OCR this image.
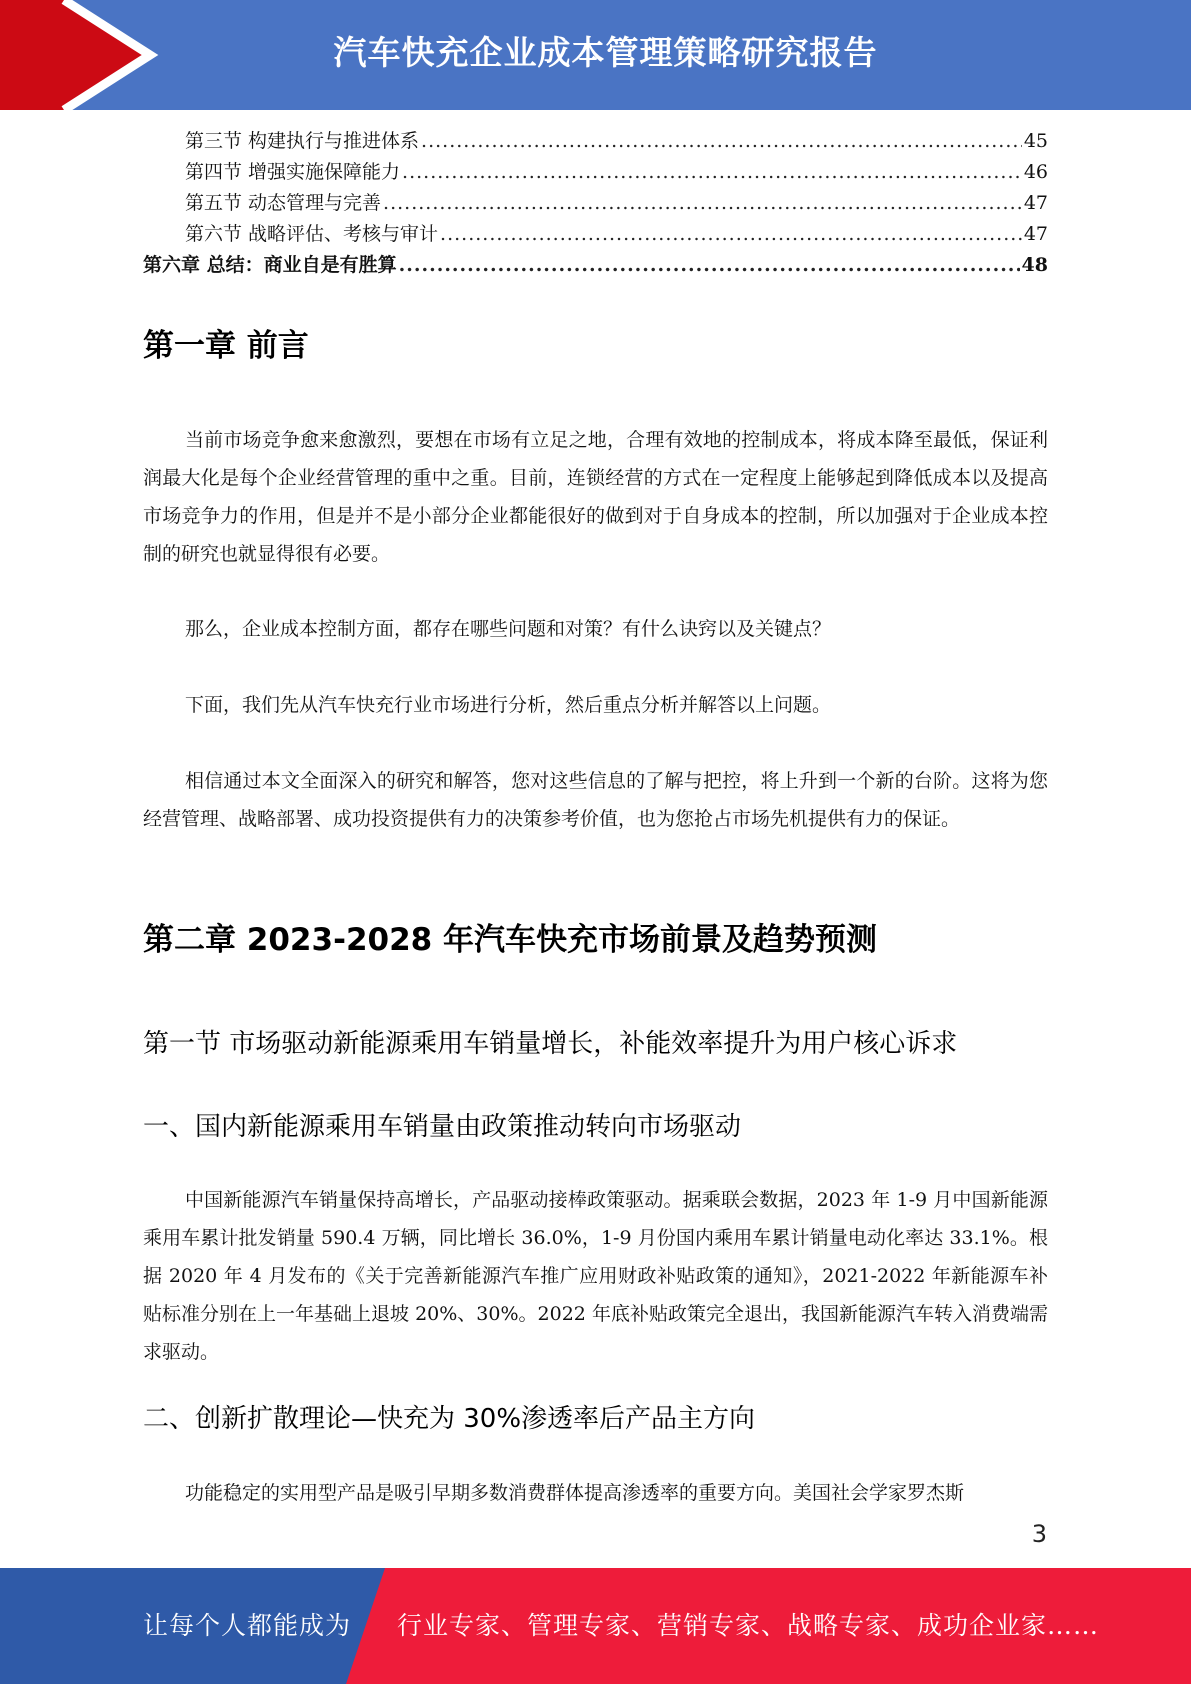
汽车快充企业成本管理策略研究报告
第三节 构建执行与推进体系 .....	45
第四节 增强实施保障能力 .....	46
第五节 动态管理与完善 .....	47
第六节 战略评估、考核与审计 .....	47
第六章 总结：商业自是有胜算 .....	48
第一章 前言

当前市场竞争愈来愈激烈，要想在市场有立足之地，合理有效地的控制成本，将成本降至最低，保证利润最大化是每个企业经营管理的重中之重。目前，连锁经营的方式在一定程度上能够起到降低成本以及提高市场竞争力的作用，但是并不是小部分企业都能很好的做到对于自身成本的控制，所以加强对于企业成本控制的研究也就显得很有必要。

那么，企业成本控制方面，都存在哪些问题和对策？有什么诀窍以及关键点？

下面，我们先从汽车快充行业市场进行分析，然后重点分析并解答以上问题。

相信通过本文全面深入的研究和解答，您对这些信息的了解与把控，将上升到一个新的台阶。这将为您经营管理、战略部署、成功投资提供有力的决策参考价值，也为您抢占市场先机提供有力的保证。

第二章 2023-2028 年汽车快充市场前景及趋势预测
第一节 市场驱动新能源乘用车销量增长，补能效率提升为用户核心诉求
一、国内新能源乘用车销量由政策推动转向市场驱动

中国新能源汽车销量保持高增长，产品驱动接棒政策驱动。据乘联会数据，2023 年 1-9 月中国新能源乘用车累计批发销量 590.4 万辆，同比增长 36.0%，1-9 月份国内乘用车累计销量电动化率达 33.1%。根据 2020 年 4 月发布的《关于完善新能源汽车推广应用财政补贴政策的通知》，2021-2022 年新能源车补贴标准分别在上一年基础上退坡 20%、30%。2022 年底补贴政策完全退出，我国新能源汽车转入消费端需求驱动。

二、创新扩散理论—快充为 30%渗透率后产品主方向

功能稳定的实用型产品是吸引早期多数消费群体提高渗透率的重要方向。美国社会学家罗杰斯

3
让每个人都能成为 行业专家、管理专家、营销专家、战略专家、成功企业家……
